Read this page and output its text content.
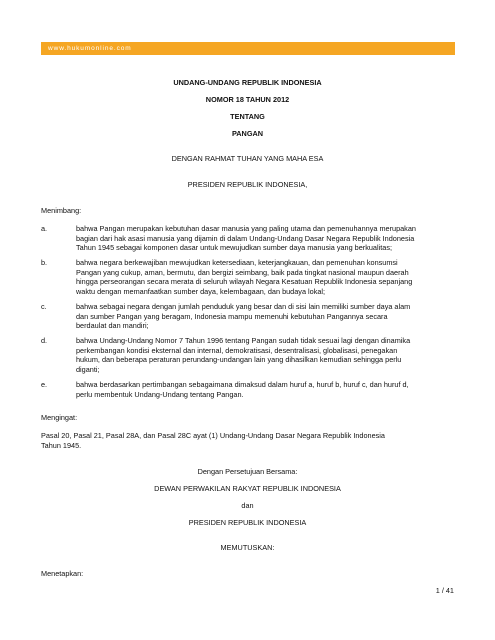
www.hukumonline.com
UNDANG-UNDANG REPUBLIK INDONESIA
NOMOR 18 TAHUN 2012
TENTANG
PANGAN
DENGAN RAHMAT TUHAN YANG MAHA ESA
PRESIDEN REPUBLIK INDONESIA,
Menimbang:
a.	bahwa Pangan merupakan kebutuhan dasar manusia yang paling utama dan pemenuhannya merupakan
bagian dari hak asasi manusia yang dijamin di dalam Undang-Undang Dasar Negara Republik Indonesia
Tahun 1945 sebagai komponen dasar untuk mewujudkan sumber daya manusia yang berkualitas;
b.	bahwa negara berkewajiban mewujudkan ketersediaan, keterjangkauan, dan pemenuhan konsumsi
Pangan yang cukup, aman, bermutu, dan bergizi seimbang, baik pada tingkat nasional maupun daerah
hingga perseorangan secara merata di seluruh wilayah Negara Kesatuan Republik Indonesia sepanjang
waktu dengan memanfaatkan sumber daya, kelembagaan, dan budaya lokal;
c.	bahwa sebagai negara dengan jumlah penduduk yang besar dan di sisi lain memiliki sumber daya alam
dan sumber Pangan yang beragam, Indonesia mampu memenuhi kebutuhan Pangannya secara
berdaulat dan mandiri;
d.	bahwa Undang-Undang Nomor 7 Tahun 1996 tentang Pangan sudah tidak sesuai lagi dengan dinamika
perkembangan kondisi eksternal dan internal, demokratisasi, desentralisasi, globalisasi, penegakan
hukum, dan beberapa peraturan perundang-undangan lain yang dihasilkan kemudian sehingga perlu
diganti;
e.	bahwa berdasarkan pertimbangan sebagaimana dimaksud dalam huruf a, huruf b, huruf c, dan huruf d,
perlu membentuk Undang-Undang tentang Pangan.
Mengingat:
Pasal 20, Pasal 21, Pasal 28A, dan Pasal 28C ayat (1) Undang-Undang Dasar Negara Republik Indonesia
Tahun 1945.
Dengan Persetujuan Bersama:
DEWAN PERWAKILAN RAKYAT REPUBLIK INDONESIA
dan
PRESIDEN REPUBLIK INDONESIA
MEMUTUSKAN:
Menetapkan:
1 / 41
